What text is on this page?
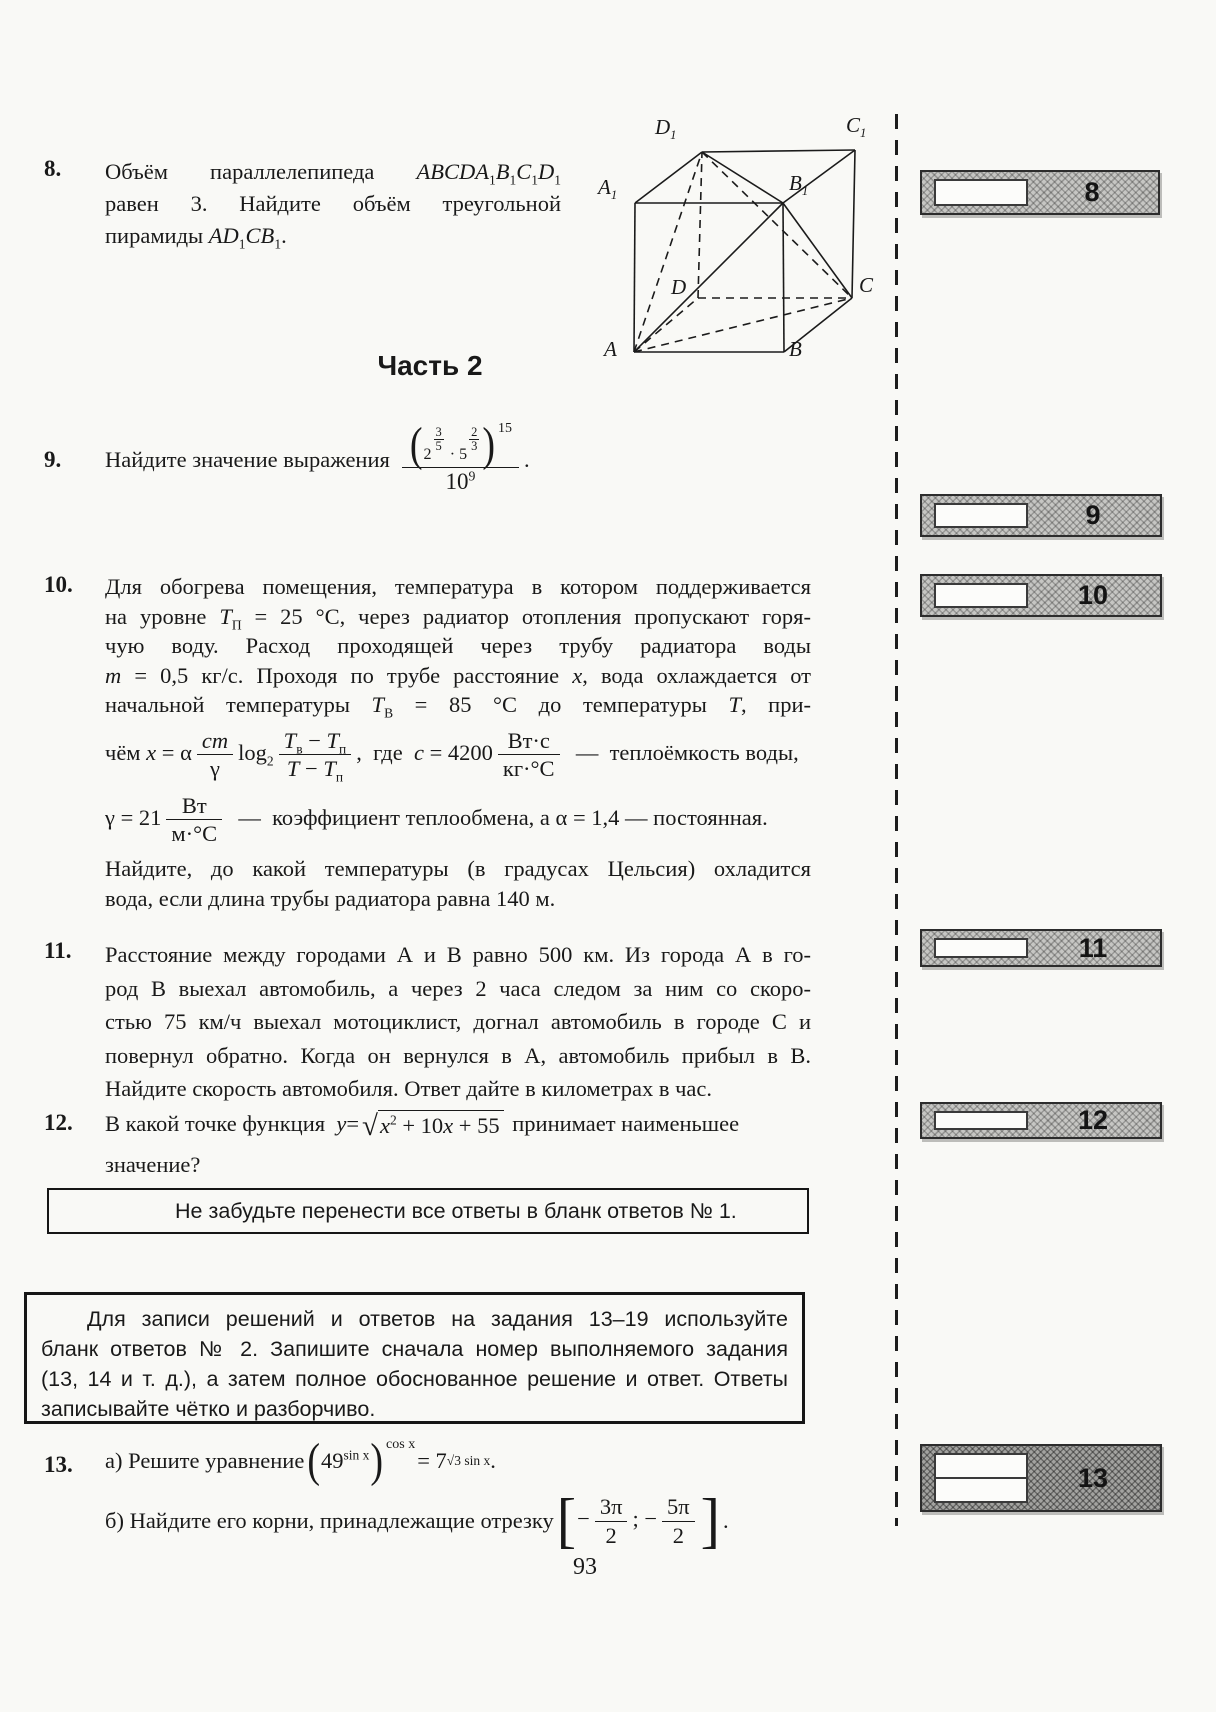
8. Объём параллелепипеда $ABCDA_1B_1C_1D_1$
равен 3. Найдите объём треугольной
пирамиды $AD_1CB_1$.
$D_1$	$C_1$
$A_1$
$B_1$
D	C
A	B
Часть 2
9.	Найдите значение выражения ( 2
$\frac{3}{5}$
· 5
$\frac{2}{3}$ ) 15
$10^9$ .
10. Для обогрева помещения, температура в котором поддерживается
на уровне $T_П = 25$ °С, через радиатор отопления пропускают горя-
чую воду. Расход проходящей через трубу радиатора воды
m = 0,5 кг/с. Проходя по трубе расстояние x, вода охлаждается от
начальной температуры $T_В = 85$ °С до температуры T, при-
чём x = α $\frac{cm}{\gamma} \log_2 \frac{T_в - T_п}{T - T_п}$ ,  где  $c = 4200 \frac{Вт\cdot с}{кг\cdot^\circ С}$ —  теплоёмкость воды,
$\gamma = 21 \frac{Вт}{м\cdot^\circ С}$ —  коэффициент теплообмена, а α = 1,4 — постоянная.
Найдите, до какой температуры (в градусах Цельсия) охладится
вода, если длина трубы радиатора равна 140 м.
11. Расстояние между городами А и В равно 500 км. Из города А в го-
род В выехал автомобиль, а через 2 часа следом за ним со скоро-
стью 75 км/ч выехал мотоциклист, догнал автомобиль в городе С и
повернул обратно. Когда он вернулся в А, автомобиль прибыл в В.
Найдите скорость автомобиля. Ответ дайте в километрах в час.
12. В какой точке функция y = √ $x^2 + 10x + 55$ принимает наименьшее
значение?
Не забудьте перенести все ответы в бланк ответов № 1.
Для записи решений и ответов на задания 13–19 используйте
бланк ответов № 2. Запишите сначала номер выполняемого задания
(13, 14 и т. д.), а затем полное обоснованное решение и ответ. Ответы
записывайте чётко и разборчиво.
13. а) Решите уравнение ( $49^{sin x}$ ) cos x
= 7 √3 sin x .
б) Найдите его корни, принадлежащие отрезку [ − $\frac{3\pi}{2}$ ; − $\frac{5\pi}{2}$ ] .
93
8
9
10
11
12
13
